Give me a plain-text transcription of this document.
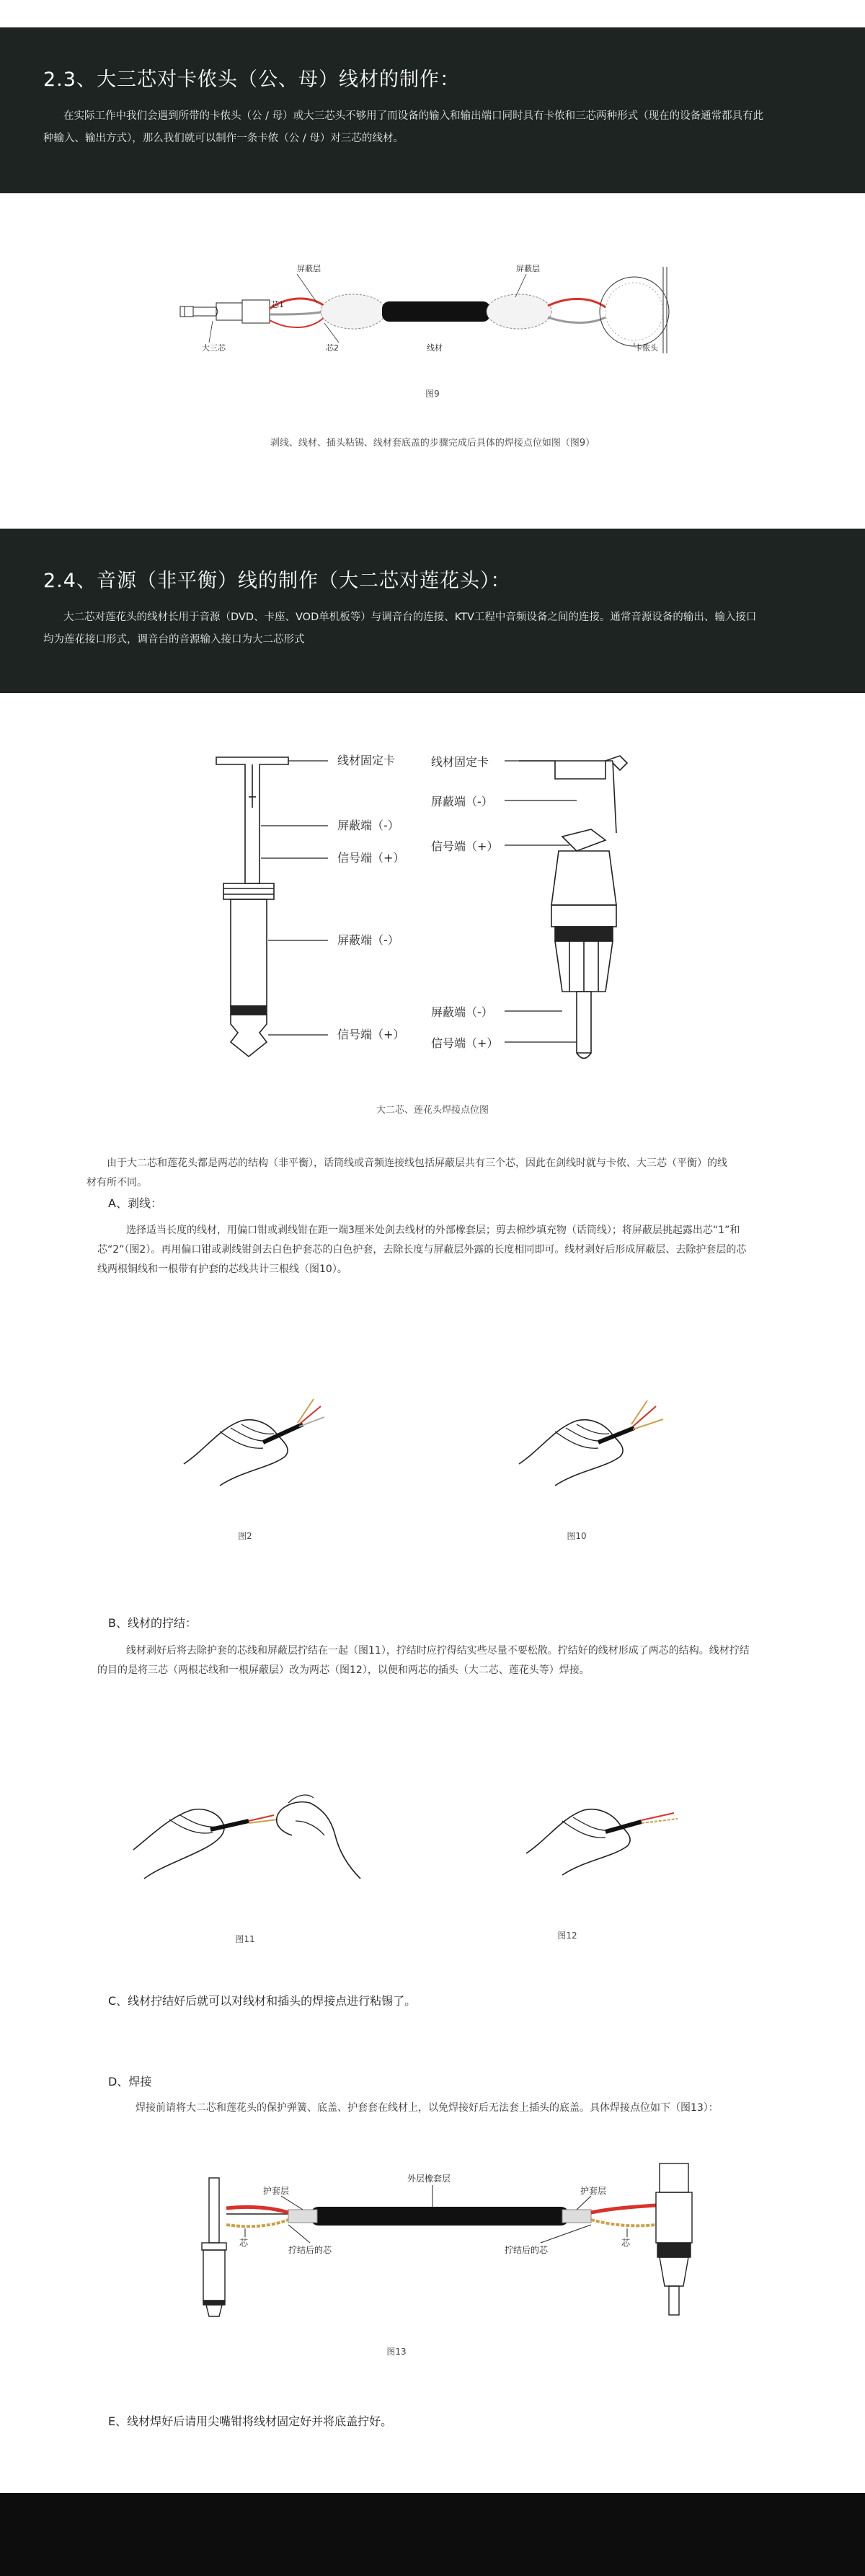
2.3、大三芯对卡侬头（公、母）线材的制作：

在实际工作中我们会遇到所带的卡侬头（公 / 母）或大三芯头不够用了而设备的输入和输出端口同时具有卡侬和三芯两种形式（现在的设备通常都具有此种输入、输出方式），那么我们就可以制作一条卡侬（公 / 母）对三芯的线材。

屏蔽层	屏蔽层
芯1
大三芯	芯2	线材	卡侬头
图9
剥线、线材、插头粘锡、线材套底盖的步骤完成后具体的焊接点位如图（图9）
2.4、音源（非平衡）线的制作（大二芯对莲花头）：

大二芯对莲花头的线材长用于音源（DVD、卡座、VOD单机板等）与调音台的连接、KTV工程中音频设备之间的连接。通常音源设备的输出、输入接口均为莲花接口形式，调音台的音源输入接口为大二芯形式

线材固定卡
屏蔽端（-）
信号端（+）
屏蔽端（-）
信号端（+）
线材固定卡
屏蔽端（-）
信号端（+）
屏蔽端（-）
信号端（+）
大二芯、莲花头焊接点位图
由于大二芯和莲花头都是两芯的结构（非平衡），话筒线或音频连接线包括屏蔽层共有三个芯，因此在剑线时就与卡侬、大三芯（平衡）的线材有所不同。
A、剥线：
选择适当长度的线材，用偏口钳或剥线钳在距一端3厘米处剑去线材的外部橡套层；剪去棉纱填充物（话筒线）；将屏蔽层挑起露出芯“1”和芯“2”（图2）。再用偏口钳或剥线钳剑去白色护套芯的白色护套，去除长度与屏蔽层外露的长度相同即可。线材剥好后形成屏蔽层、去除护套层的芯线两根铜线和一根带有护套的芯线共计三根线（图10）。
图2	图10
B、线材的拧结：
线材剥好后将去除护套的芯线和屏蔽层拧结在一起（图11），拧结时应拧得结实些尽量不要松散。拧结好的线材形成了两芯的结构。线材拧结的目的是将三芯（两根芯线和一根屏蔽层）改为两芯（图12），以便和两芯的插头（大二芯、莲花头等）焊接。
图11	图12
C、线材拧结好后就可以对线材和插头的焊接点进行粘锡了。
D、焊接
焊接前请将大二芯和莲花头的保护弹簧、底盖、护套套在线材上，以免焊接好后无法套上插头的底盖。具体焊接点位如下（图13）：
外层橡套层
护套层	护套层
芯	芯
拧结后的芯	拧结后的芯
图13
E、线材焊好后请用尖嘴钳将线材固定好并将底盖拧好。
